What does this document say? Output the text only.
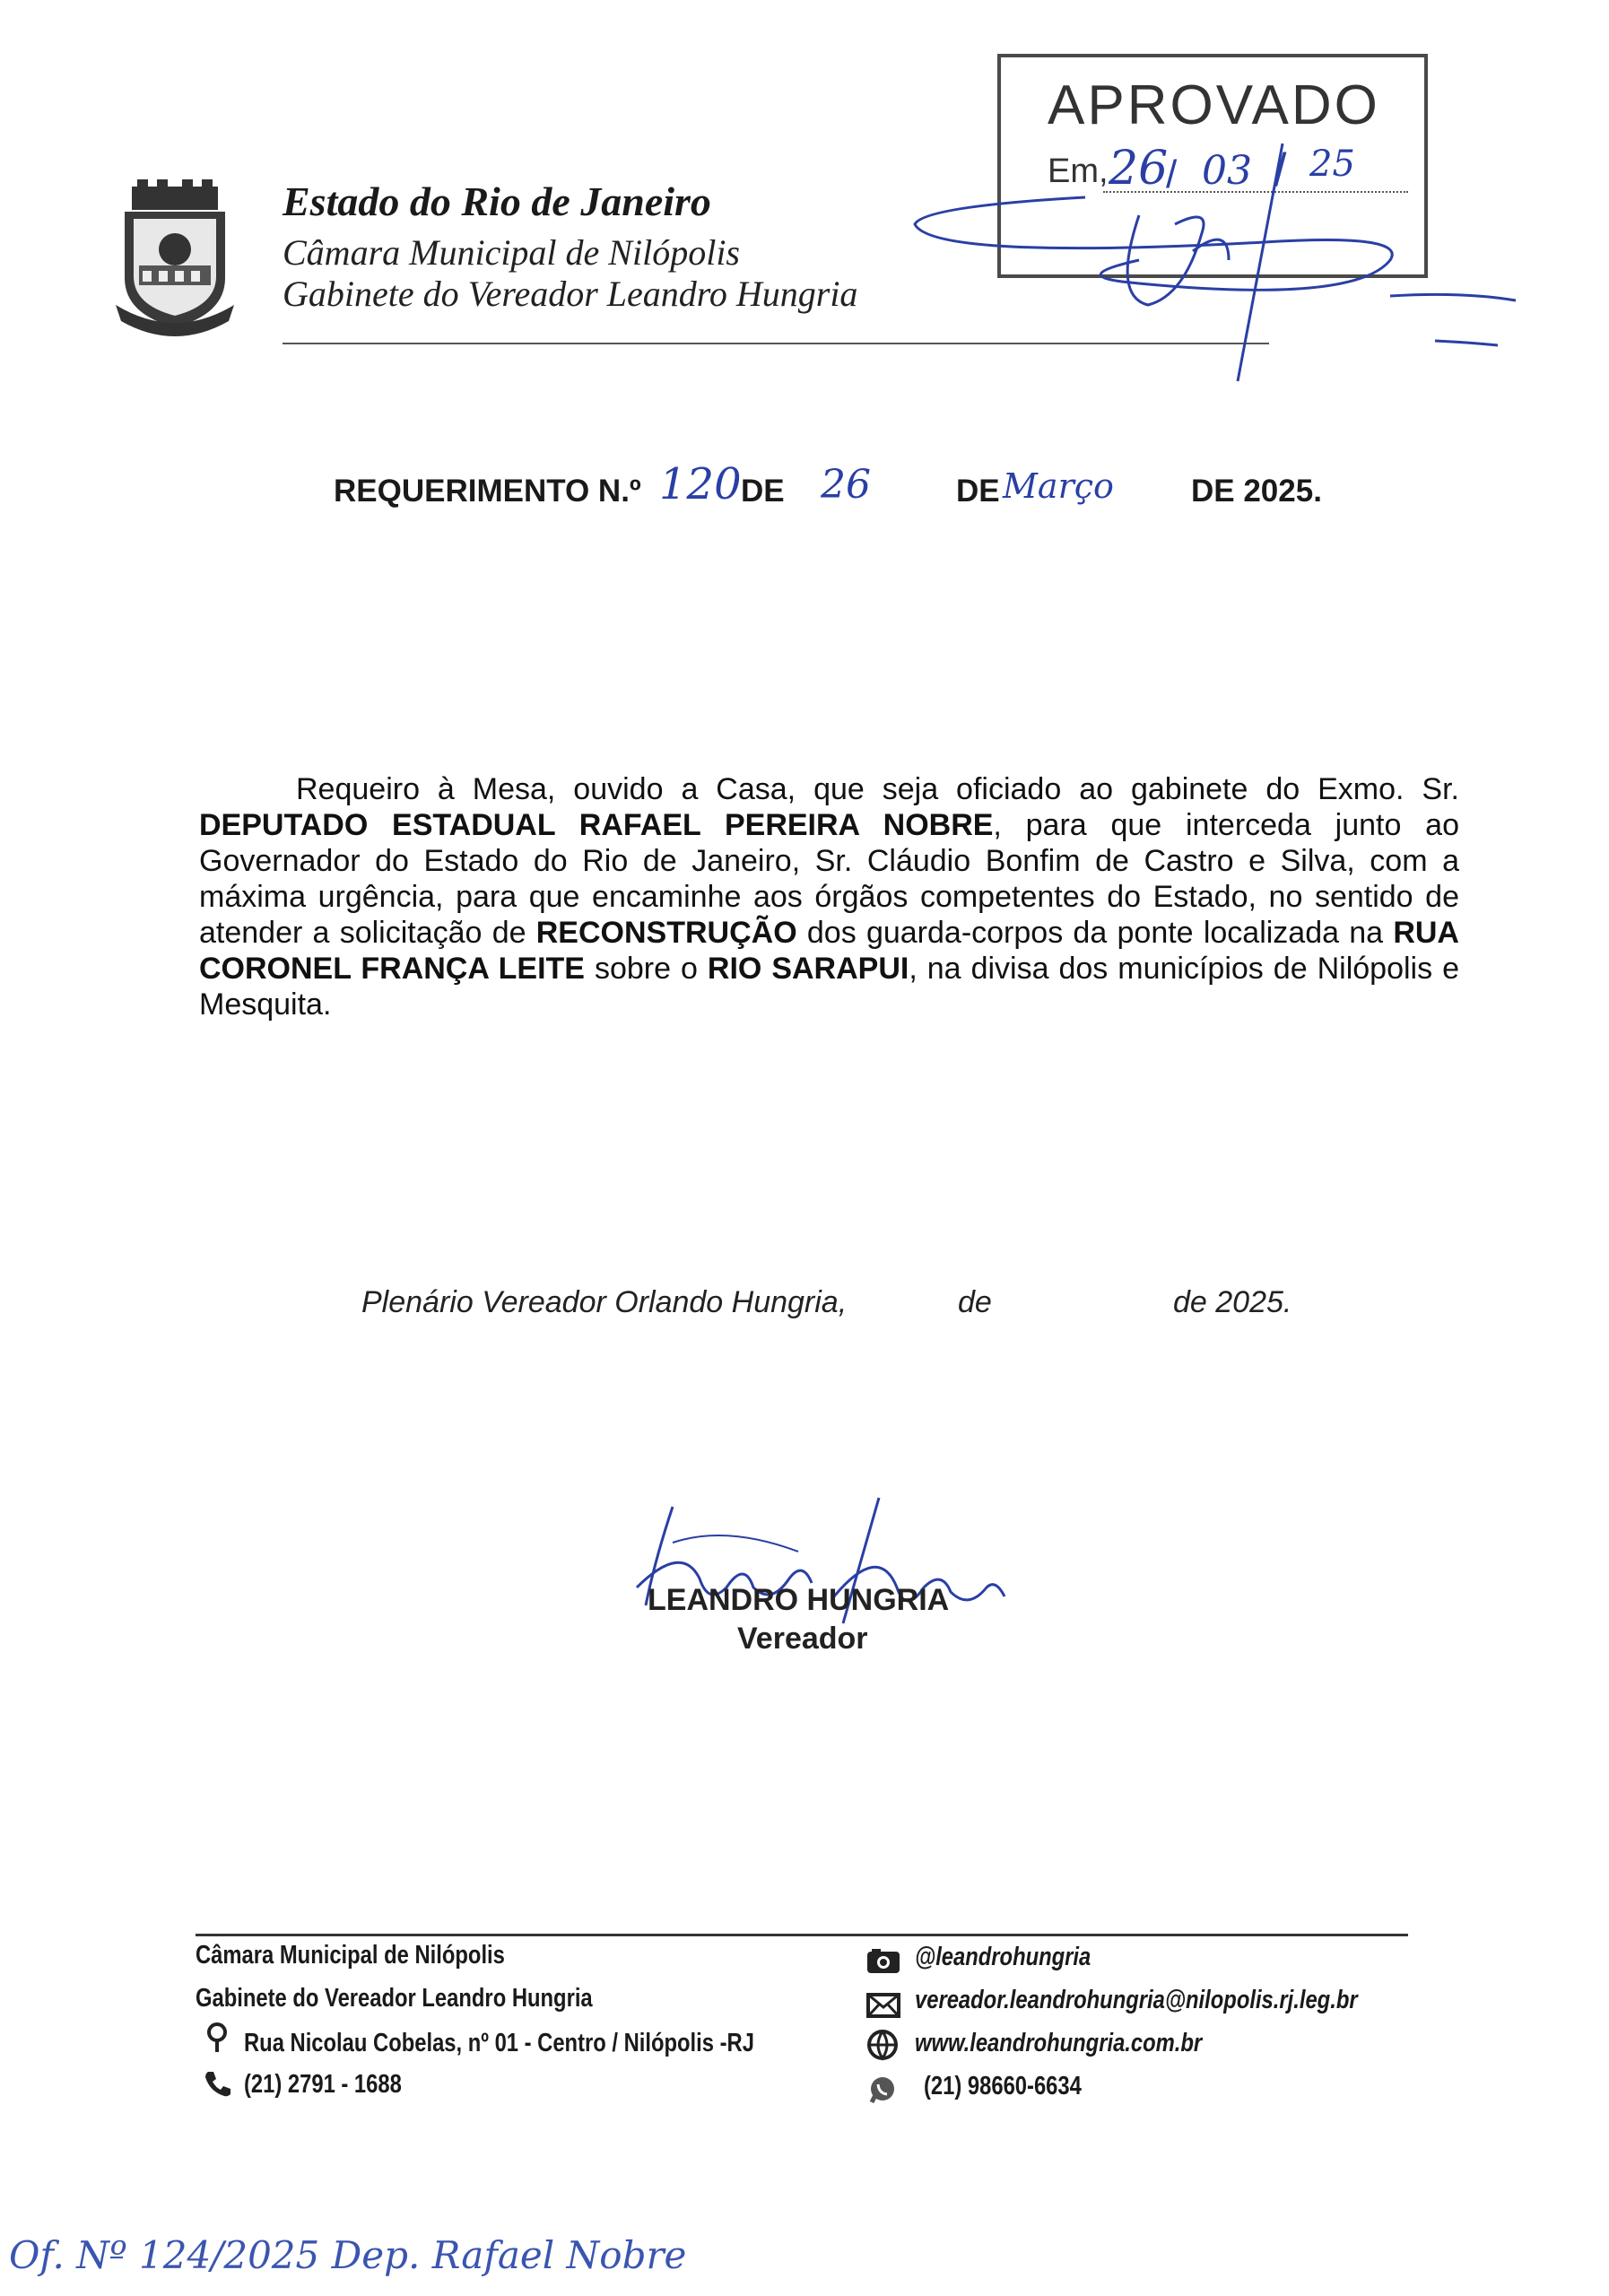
Estado do Rio de Janeiro
Câmara Municipal de Nilópolis
Gabinete do Vereador Leandro Hungria
APROVADO
Em, 26
/ 03 / 25
REQUERIMENTO N.º 120 DE 26	DE Março DE 2025.

Requeiro à Mesa, ouvido a Casa, que seja oficiado ao gabinete do Exmo. Sr. DEPUTADO ESTADUAL RAFAEL PEREIRA NOBRE, para que interceda junto ao Governador do Estado do Rio de Janeiro, Sr. Cláudio Bonfim de Castro e Silva, com a máxima urgência, para que encaminhe aos órgãos competentes do Estado, no sentido de atender a solicitação de RECONSTRUÇÃO dos guarda-corpos da ponte localizada na RUA CORONEL FRANÇA LEITE sobre o RIO SARAPUI, na divisa dos municípios de Nilópolis e Mesquita.

Plenário Vereador Orlando Hungria,	de	de 2025.
LEANDRO HUNGRIA
Vereador
Câmara Municipal de Nilópolis
Gabinete do Vereador Leandro Hungria
Rua Nicolau Cobelas, nº 01 - Centro / Nilópolis -RJ
(21) 2791 - 1688
@leandrohungria
vereador.leandrohungria@nilopolis.rj.leg.br
www.leandrohungria.com.br
(21) 98660-6634
Of. Nº 124/2025 Dep. Rafael Nobre
